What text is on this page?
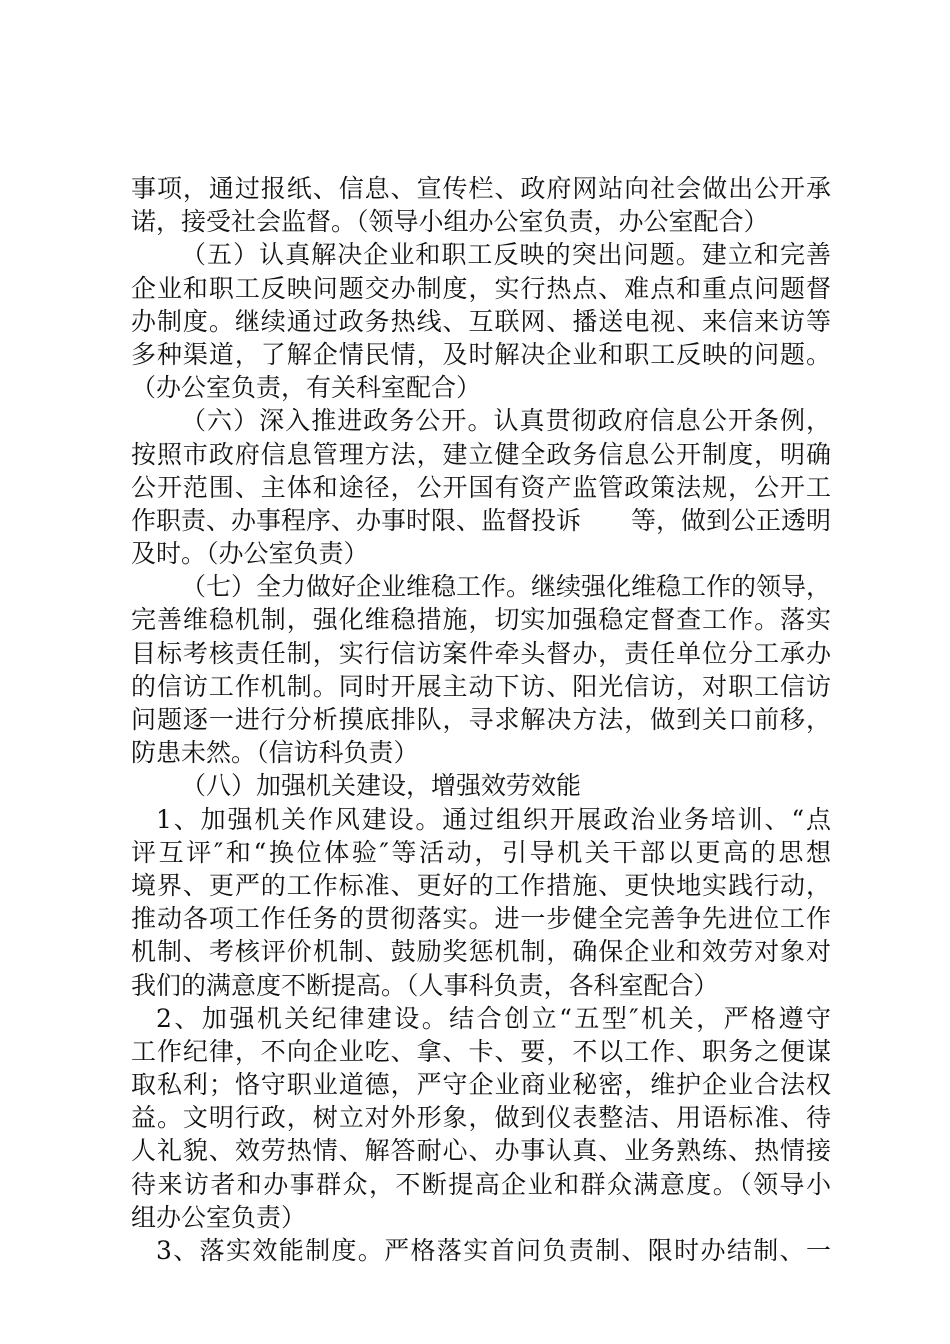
事项，通过报纸、信息、宣传栏、政府网站向社会做出公开承
诺，接受社会监督。（领导小组办公室负责，办公室配合）
（五）认真解决企业和职工反映的突出问题。建立和完善
企业和职工反映问题交办制度，实行热点、难点和重点问题督
办制度。继续通过政务热线、互联网、播送电视、来信来访等
多种渠道，了解企情民情，及时解决企业和职工反映的问题。
（办公室负责，有关科室配合）
（六）深入推进政务公开。认真贯彻政府信息公开条例，
按照市政府信息管理方法，建立健全政务信息公开制度，明确
公开范围、主体和途径，公开国有资产监管政策法规，公开工
作职责、办事程序、办事时限、监督投诉　　等，做到公正透明
及时。（办公室负责）
（七）全力做好企业维稳工作。继续强化维稳工作的领导，
完善维稳机制，强化维稳措施，切实加强稳定督查工作。落实
目标考核责任制，实行信访案件牵头督办，责任单位分工承办
的信访工作机制。同时开展主动下访、阳光信访，对职工信访
问题逐一进行分析摸底排队，寻求解决方法，做到关口前移，
防患未然。（信访科负责）
（八）加强机关建设，增强效劳效能
1、加强机关作风建设。通过组织开展政治业务培训、“点
评互评″和“换位体验″等活动，引导机关干部以更高的思想
境界、更严的工作标准、更好的工作措施、更快地实践行动，
推动各项工作任务的贯彻落实。进一步健全完善争先进位工作
机制、考核评价机制、鼓励奖惩机制，确保企业和效劳对象对
我们的满意度不断提高。（人事科负责，各科室配合）
2、加强机关纪律建设。结合创立“五型″机关，严格遵守
工作纪律，不向企业吃、拿、卡、要，不以工作、职务之便谋
取私利；恪守职业道德，严守企业商业秘密，维护企业合法权
益。文明行政，树立对外形象，做到仪表整洁、用语标准、待
人礼貌、效劳热情、解答耐心、办事认真、业务熟练、热情接
待来访者和办事群众，不断提高企业和群众满意度。（领导小
组办公室负责）
3、落实效能制度。严格落实首问负责制、限时办结制、一
